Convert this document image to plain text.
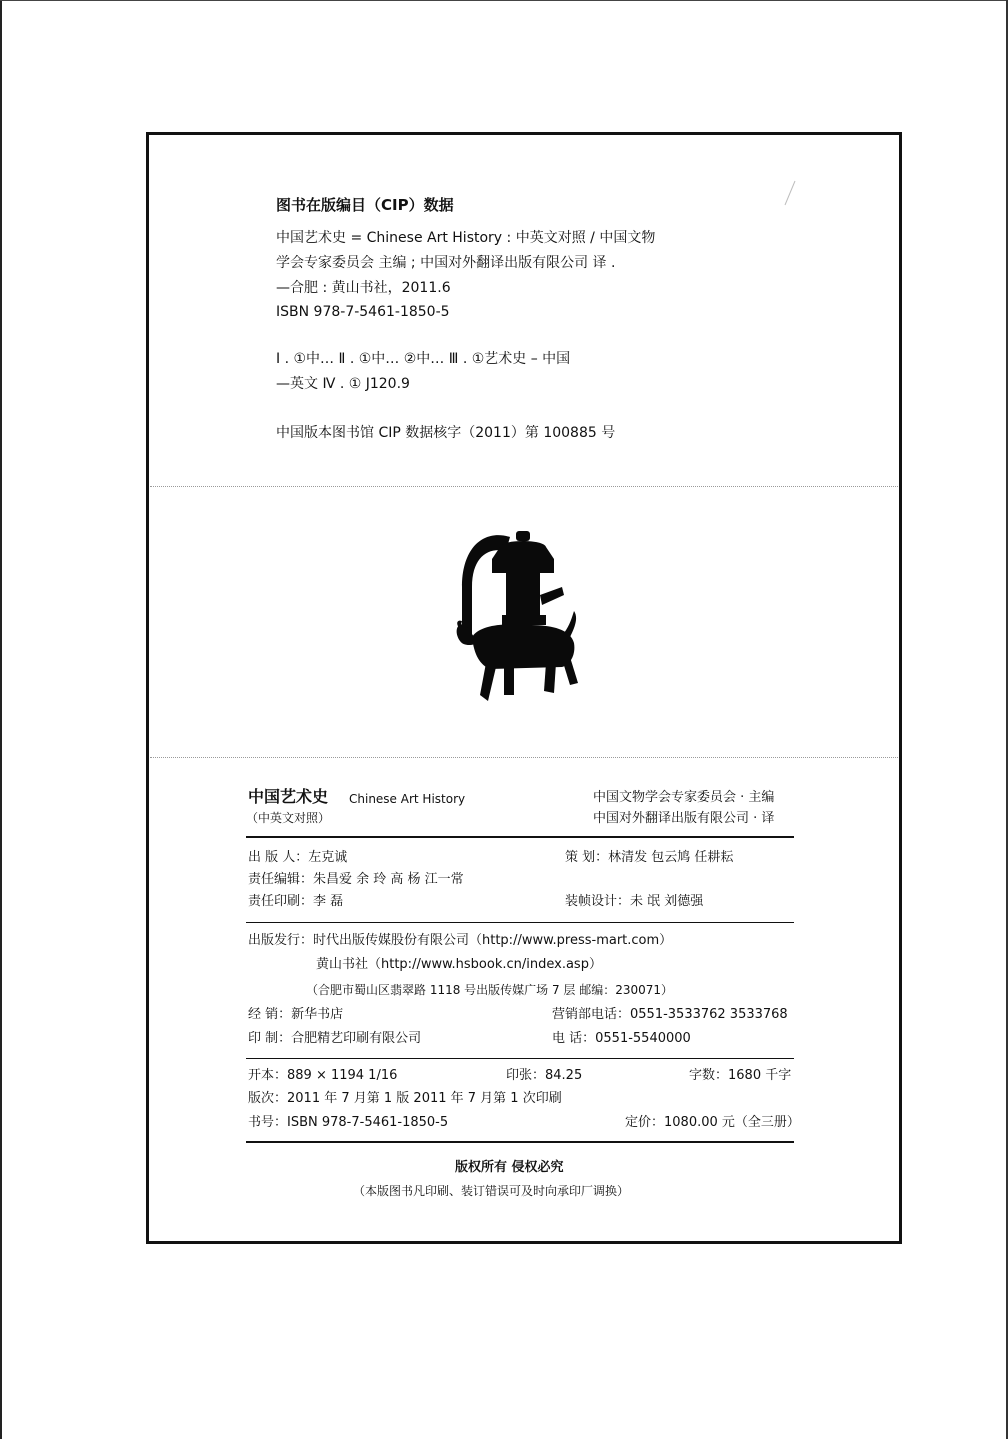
图书在版编目（CIP）数据
中国艺术史 = Chinese Art History : 中英文对照 / 中国文物
学会专家委员会 主编 ; 中国对外翻译出版有限公司 译 .
—合肥 : 黄山书社，2011.6
ISBN 978-7-5461-1850-5
Ⅰ . ①中… Ⅱ . ①中… ②中… Ⅲ . ①艺术史 – 中国
—英文 Ⅳ . ① J120.9
中国版本图书馆 CIP 数据核字（2011）第 100885 号
中国艺术史 Chinese Art History
（中英文对照）
中国文物学会专家委员会 · 主编
中国对外翻译出版有限公司 · 译
出 版 人：左克诚	策 划：林清发 包云鸠 任耕耘
责任编辑：朱昌爱 余 玲 高 杨 江一常
责任印刷：李 磊	装帧设计：未 氓 刘德强
出版发行：时代出版传媒股份有限公司（http://www.press-mart.com）
黄山书社（http://www.hsbook.cn/index.asp）
（合肥市蜀山区翡翠路 1118 号出版传媒广场 7 层 邮编：230071）
经 销：新华书店	营销部电话：0551-3533762 3533768
印 制：合肥精艺印刷有限公司	电 话：0551-5540000
开本：889 × 1194 1/16	印张：84.25	字数：1680 千字
版次：2011 年 7 月第 1 版 2011 年 7 月第 1 次印刷
书号：ISBN 978-7-5461-1850-5	定价：1080.00 元（全三册）
版权所有 侵权必究
（本版图书凡印刷、装订错误可及时向承印厂调换）
